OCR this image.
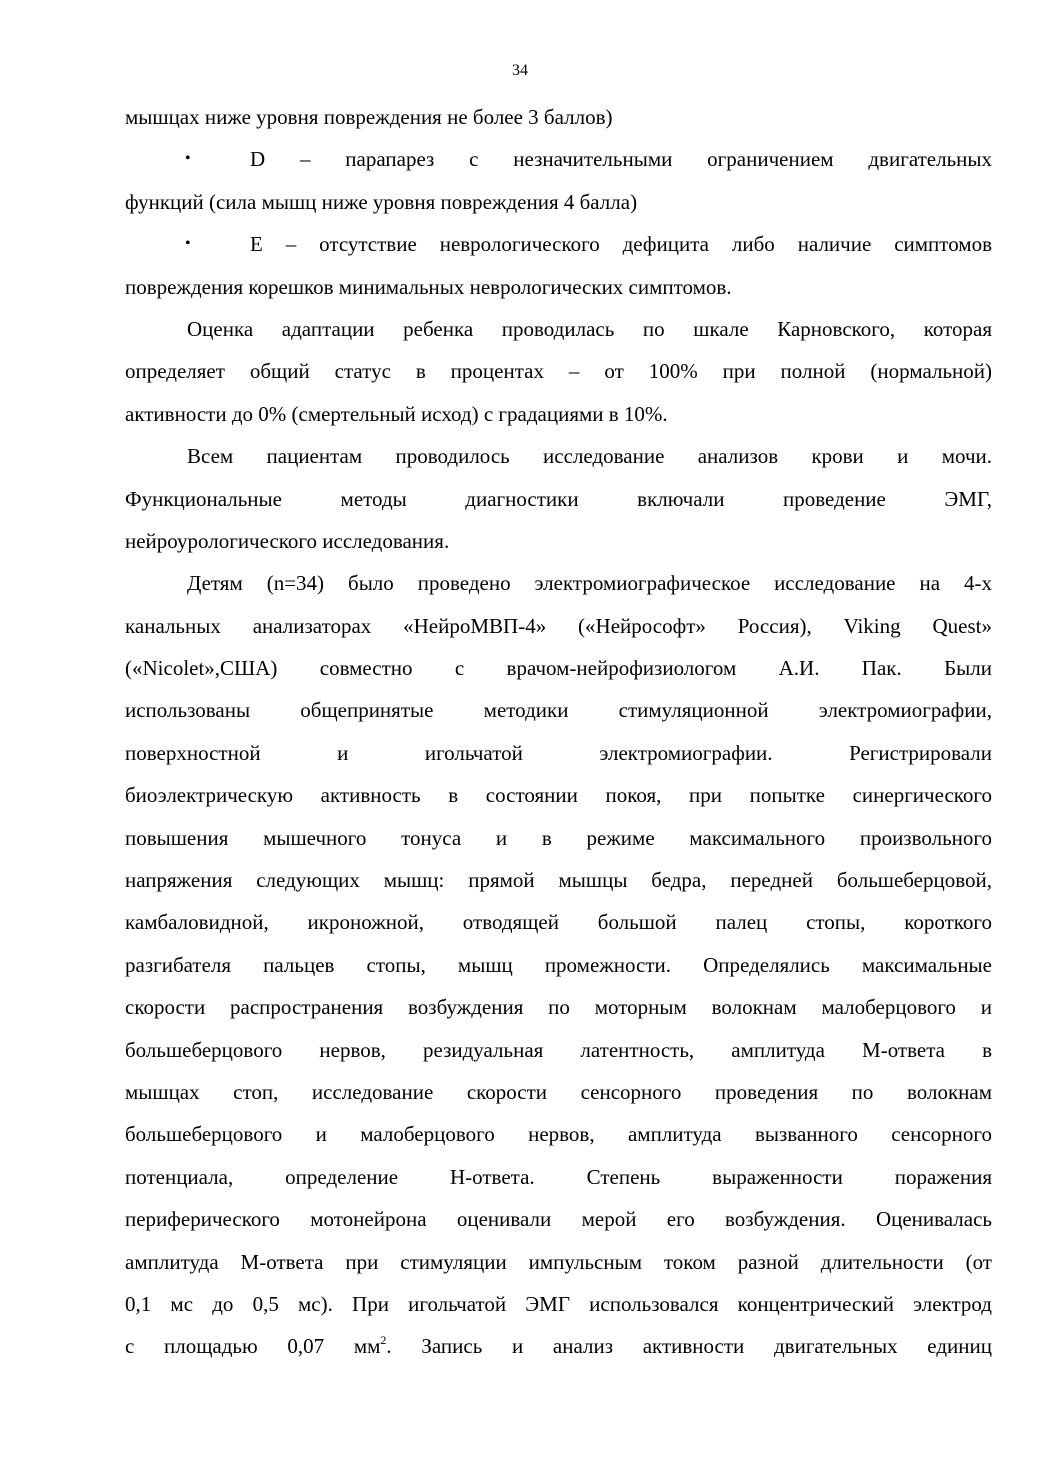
34
мышцах ниже уровня повреждения не более 3 баллов)
•	D – парапарез с незначительными ограничением двигательных
функций (сила мышц ниже уровня повреждения 4 балла)
•	E – отсутствие неврологического дефицита либо наличие симптомов
повреждения корешков минимальных неврологических симптомов.
Оценка адаптации ребенка проводилась по шкале Карновского, которая
определяет общий статус в процентах – от 100% при полной (нормальной)
активности до 0% (смертельный исход) с градациями в 10%.
Всем пациентам проводилось исследование анализов крови и мочи.
Функциональные методы диагностики включали проведение ЭМГ,
нейроурологического исследования.
Детям (n=34) было проведено электромиографическое исследование на 4-х
канальных анализаторах «НейроМВП-4» («Нейрософт» Россия), Viking Quest»
(«Nicolet»,США) совместно с врачом-нейрофизиологом А.И. Пак. Были
использованы общепринятые методики стимуляционной электромиографии,
поверхностной и игольчатой электромиографии. Регистрировали
биоэлектрическую активность в состоянии покоя, при попытке синергического
повышения мышечного тонуса и в режиме максимального произвольного
напряжения следующих мышц: прямой мышцы бедра, передней большеберцовой,
камбаловидной, икроножной, отводящей большой палец стопы, короткого
разгибателя пальцев стопы, мышц промежности. Определялись максимальные
скорости распространения возбуждения по моторным волокнам малоберцового и
большеберцового нервов, резидуальная латентность, амплитуда М-ответа в
мышцах стоп, исследование скорости сенсорного проведения по волокнам
большеберцового и малоберцового нервов, амплитуда вызванного сенсорного
потенциала, определение Н-ответа. Степень выраженности поражения
периферического мотонейрона оценивали мерой его возбуждения. Оценивалась
амплитуда М-ответа при стимуляции импульсным током разной длительности (от
0,1 мс до 0,5 мс). При игольчатой ЭМГ использовался концентрический электрод
с площадью 0,07 $мм^2$. Запись и анализ активности двигательных единиц
